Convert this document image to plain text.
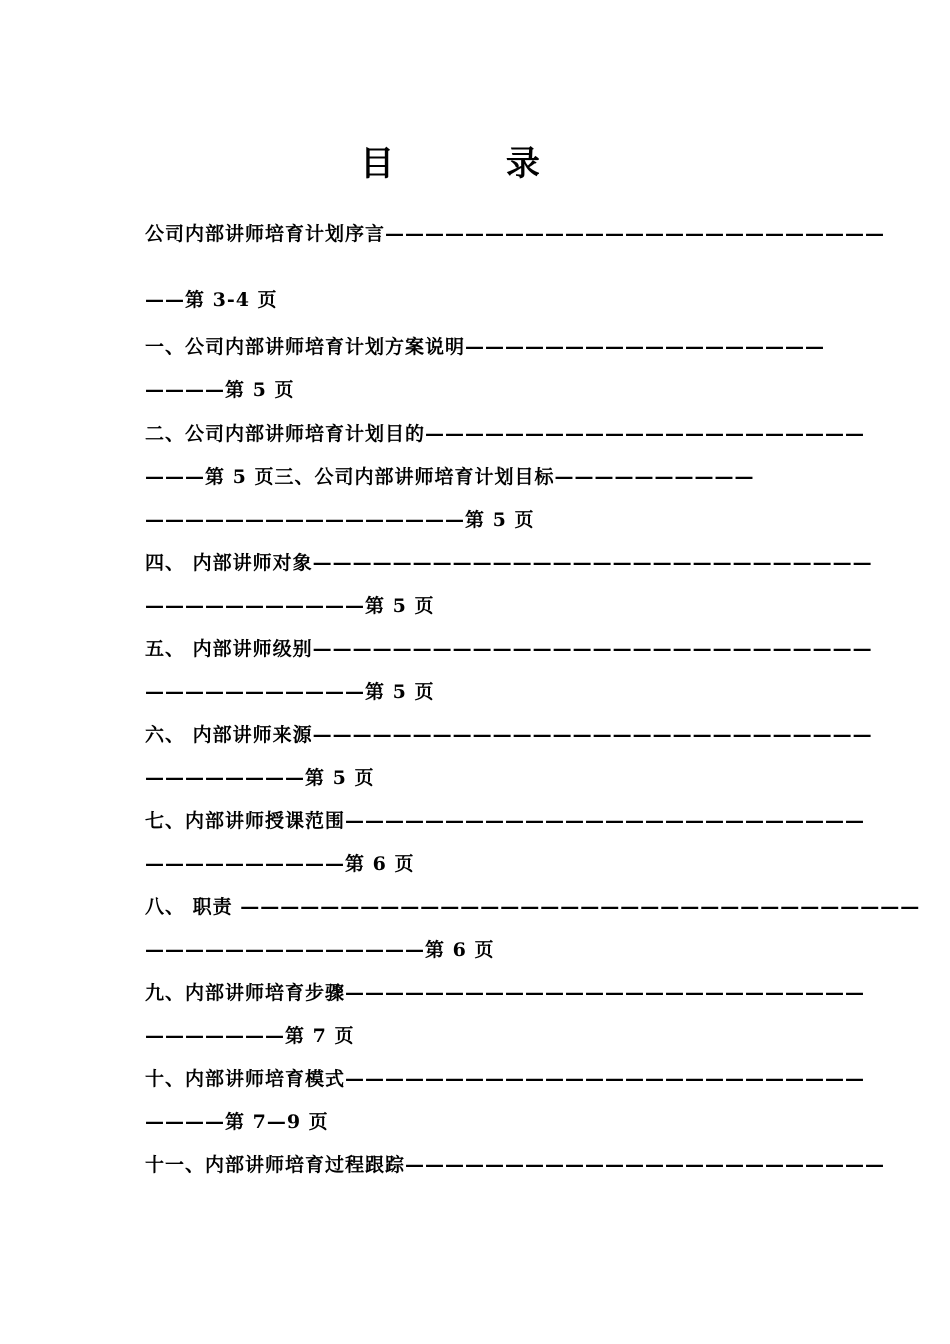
目 录
公司内部讲师培育计划序言—————————————————————————
——第 3-4 页
一、公司内部讲师培育计划方案说明——————————————————
————第 5 页
二、公司内部讲师培育计划目的——————————————————————
———第 5 页三、公司内部讲师培育计划目标——————————
————————————————第 5 页
四、 内部讲师对象————————————————————————————
———————————第 5 页
五、 内部讲师级别————————————————————————————
———————————第 5 页
六、 内部讲师来源————————————————————————————
————————第 5 页
七、内部讲师授课范围——————————————————————————
——————————第 6 页
八、 职责 ——————————————————————————————————
——————————————第 6 页
九、内部讲师培育步骤——————————————————————————
———————第 7 页
十、内部讲师培育模式——————————————————————————
————第 7—9 页
十一、内部讲师培育过程跟踪————————————————————————
